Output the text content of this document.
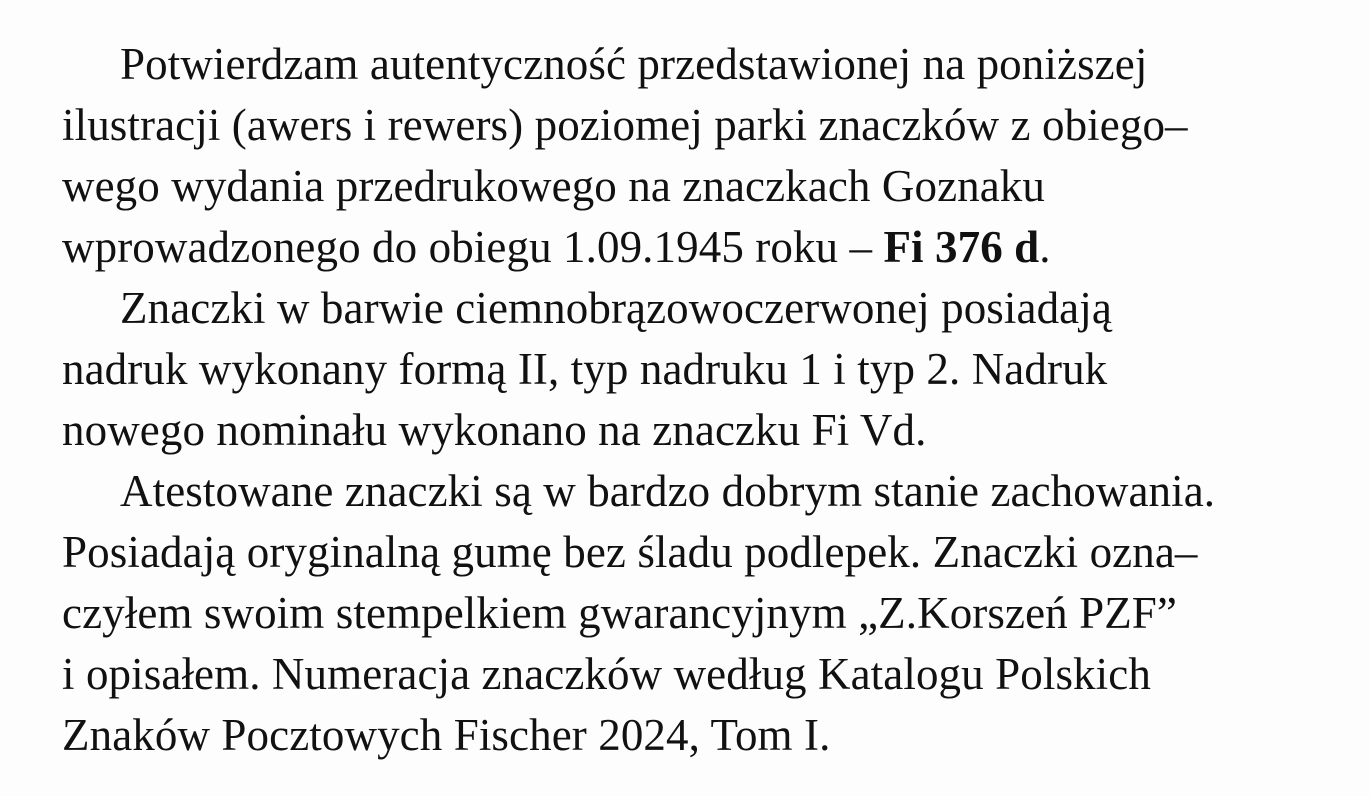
Potwierdzam autentyczność przedstawionej na poniższej
ilustracji (awers i rewers) poziomej parki znaczków z obiego–
wego wydania przedrukowego na znaczkach Goznaku
wprowadzonego do obiegu 1.09.1945 roku – Fi 376 d.
Znaczki w barwie ciemnobrązowoczerwonej posiadają
nadruk wykonany formą II, typ nadruku 1 i typ 2. Nadruk
nowego nominału wykonano na znaczku Fi Vd.
Atestowane znaczki są w bardzo dobrym stanie zachowania.
Posiadają oryginalną gumę bez śladu podlepek. Znaczki ozna–
czyłem swoim stempelkiem gwarancyjnym „Z.Korszeń PZF”
i opisałem. Numeracja znaczków według Katalogu Polskich
Znaków Pocztowych Fischer 2024, Tom I.
